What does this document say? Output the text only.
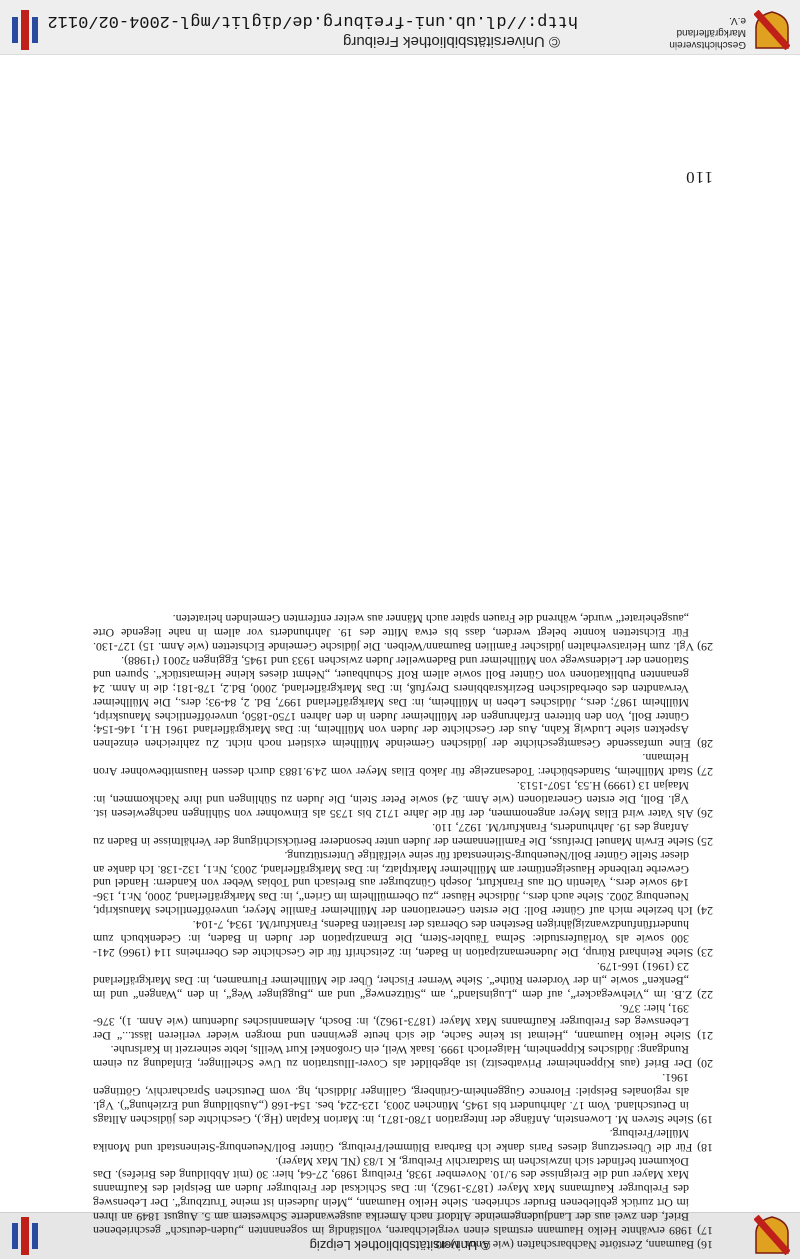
© Universitätsbibliothek Leipzig

16) Baumann, Zerstörte Nachbarschaften (wie Anm. 1) 40.

17) 1989 erwähnte Heiko Haumann erstmals einen vergleichbaren, vollständig im sogenannten „Juden-deutsch“ geschriebenen Brief, den zwei aus der Landjudengemeinde Altdorf nach Amerika ausgewanderte Schwestern am 5. August 1849 an ihren im Ort zurück gebliebenen Bruder schrieben. Siehe Heiko Haumann, „Mein Judesein ist meine Trutzburg“. Der Lebensweg des Freiburger Kaufmanns Max Mayer (1873-1962), in: Das Schicksal der Freiburger Juden am Beispiel des Kaufmanns Max Mayer und die Ereignisse des 9./10. November 1938, Freiburg 1989, 27-64, hier: 30 (mit Abbildung des Briefes). Das Dokument befindet sich inzwischen im Stadtarchiv Freiburg, K 1/83 (NL Max Mayer).

18) Für die Übersetzung dieses Paris danke ich Barbara Blümmel/Freiburg, Günter Boll/Neuenburg-Steinenstadt und Monika Müller/Freiburg.

19) Siehe Steven M. Lowenstein, Anfänge der Integration 1780-1871, in: Marion Kaplan (Hg.), Geschichte des jüdischen Alltags in Deutschland. Vom 17. Jahrhundert bis 1945, München 2003, 123-224, bes. 154-168 („Ausbildung und Erziehung“). Vgl. als regionales Beispiel: Florence Guggenheim-Grünberg, Gailinger Jiddisch, hg. vom Deutschen Spracharchiv, Göttingen 1961.

20) Der Brief (aus Kippenheimer Privatbesitz) ist abgebildet als Cover-Illustration zu Uwe Schellinger, Einladung zu einem Rundgang: Jüdisches Kippenheim, Haigerloch 1999. Isaak Weil, ein Großonkel Kurt Weills, lebte seinerzeit in Karlsruhe.

21) Siehe Heiko Haumann, „Heimat ist keine Sache, die sich heute gewinnen und morgen wieder verlieren lässt...“ Der Lebensweg des Freiburger Kaufmanns Max Mayer (1873-1962), in: Bosch, Alemannisches Judentum (wie Anm. 1), 376-391, hier: 376.

22) Z.B. im „Viehwegacker“, auf dem „Luginsland“, am „Stützenweg“ und am „Bugginger Weg“, in den „Wangen“ und im „Benken“ sowie „in der Vorderen Rüthe“. Siehe Werner Fischer, Über die Müllheimer Flurnamen, in: Das Markgräflerland 23 (1961) 166-179.

23) Siehe Reinhard Rürup, Die Judenemanzipation in Baden, in: Zeitschrift für die Geschichte des Oberrheins 114 (1966) 241-300 sowie als Vorläuferstudie: Selma Täubler-Stern, Die Emanzipation der Juden in Baden, in: Gedenkbuch zum hundertfünfundzwanzigjährigen Bestehen des Oberrats der Israeliten Badens, Frankfurt/M. 1934, 7-104.

24) Ich beziehe mich auf Günter Boll: Die ersten Generationen der Müllheimer Familie Meyer, unveröffentliches Manuskript, Neuenburg 2002. Siehe auch ders., Jüdische Häuser „zu Obermüllheim im Grien“, in: Das Markgräflerland, 2000, Nr.1, 136-149 sowie ders., Valentin Ott aus Frankfurt, Joseph Günzburger aus Breisach und Tobias Weber von Kandern: Handel und Gewerbe treibende Hauseigentümer am Müllheimer Marktplatz, in: Das Markgräflerland, 2003, Nr.1, 132-138. Ich danke an dieser Stelle Günter Boll/Neuenburg-Steinenstadt für seine vielfältige Unterstützung.

25) Siehe Erwin Manuel Dreifuss, Die Familiennamen der Juden unter besonderer Berücksichtigung der Verhältnisse in Baden zu Anfang des 19. Jahrhunderts, Frankfurt/M. 1927, 110.

26) Als Vater wird Elias Meyer angenommen, der für die Jahre 1712 bis 1735 als Einwohner von Sühlingen nachgewiesen ist. Vgl. Boll, Die ersten Generationen (wie Anm. 24) sowie Peter Stein, Die Juden zu Sühlingen und ihre Nachkommen, in: Maajan 13 (1999) H.53, 1507-1513.

27) Stadt Müllheim, Standesbücher: Todesanzeige für Jakob Elias Meyer vom 24.9.1883 durch dessen Hausmitbewohner Aron Heimann.

28) Eine umfassende Gesamtgeschichte der jüdischen Gemeinde Müllheim existiert noch nicht. Zu zahlreichen einzelnen Aspekten siehe Ludwig Kahn, Aus der Geschichte der Juden von Müllheim, in: Das Markgräflerland 1961 H.1, 146-154; Günter Boll, Von den bitteren Erfahrungen der Müllheimer Juden in den Jahren 1750-1850, unveröffentliches Manuskript, Müllheim 1987; ders., Jüdisches Leben in Müllheim, in: Das Markgräflerland 1997, Bd. 2, 84-93; ders., Die Müllheimer Verwandten des oberbadischen Bezirksrabbiners Dreyfuß, in: Das Markgräflerland, 2000, Bd.2, 178-181; die in Anm. 24 genannten Publikationen von Günter Boll sowie allem Rolf Schuhbauer, „Nehmt dieses kleine Heimatstück“. Spuren und Stationen der Leidenswege von Müllheimer und Badenweiler Juden zwischen 1933 und 1945, Eggingen ²2001 (¹1988).

29) Vgl. zum Heiratsverhalten jüdischer Familien Baumann/Weiben. Die jüdische Gemeinde Eichstetten (wie Anm. 15) 127-130. Für Eichstetten konnte belegt werden, dass bis etwa Mitte des 19. Jahrhunderts vor allem in nahe liegende Orte „ausgeheiratet“ wurde, während die Frauen später auch Männer aus weiter entfernten Gemeinden heirateten.

110
Geschichtsverein Markgräflerland e.V.
© Universitätsbibliothek Freiburg
http://dl.ub.uni-freiburg.de/diglit/mgl-2004-02/0112
